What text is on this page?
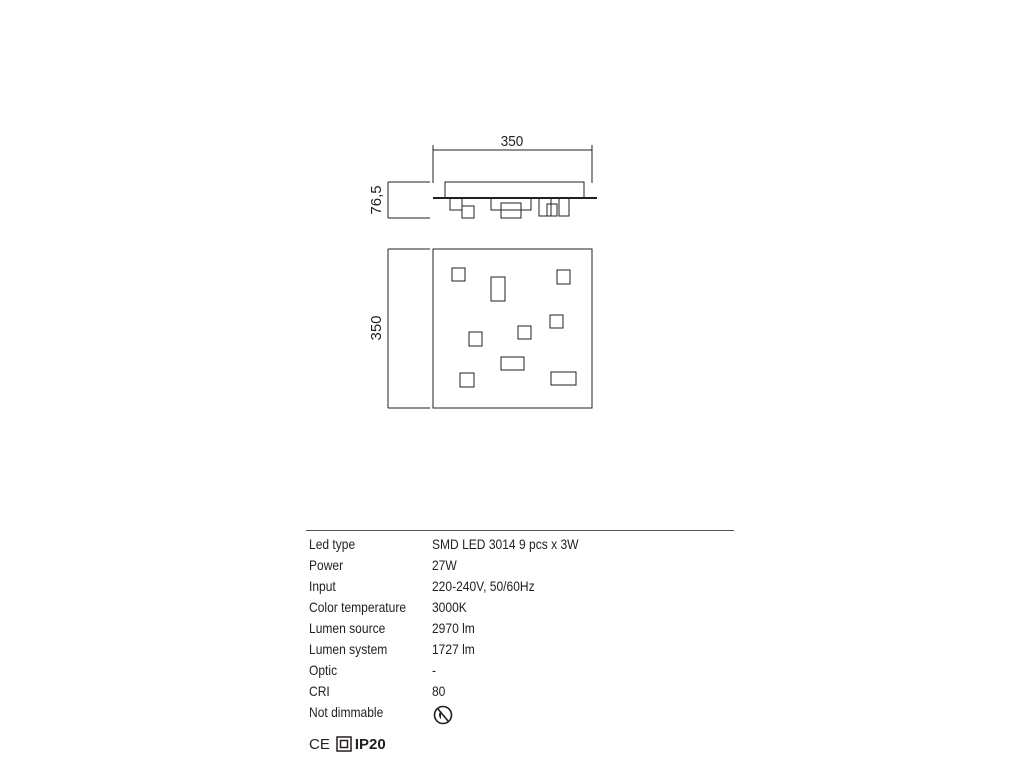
350
76,5
350
Led type	SMD LED 3014 9 pcs x 3W
Power	27W
Input	220-240V, 50/60Hz
Color temperature 3000K
Lumen source	2970 lm
Lumen system	1727 lm
Optic	-
CRI	80
Not dimmable
CE IP20
